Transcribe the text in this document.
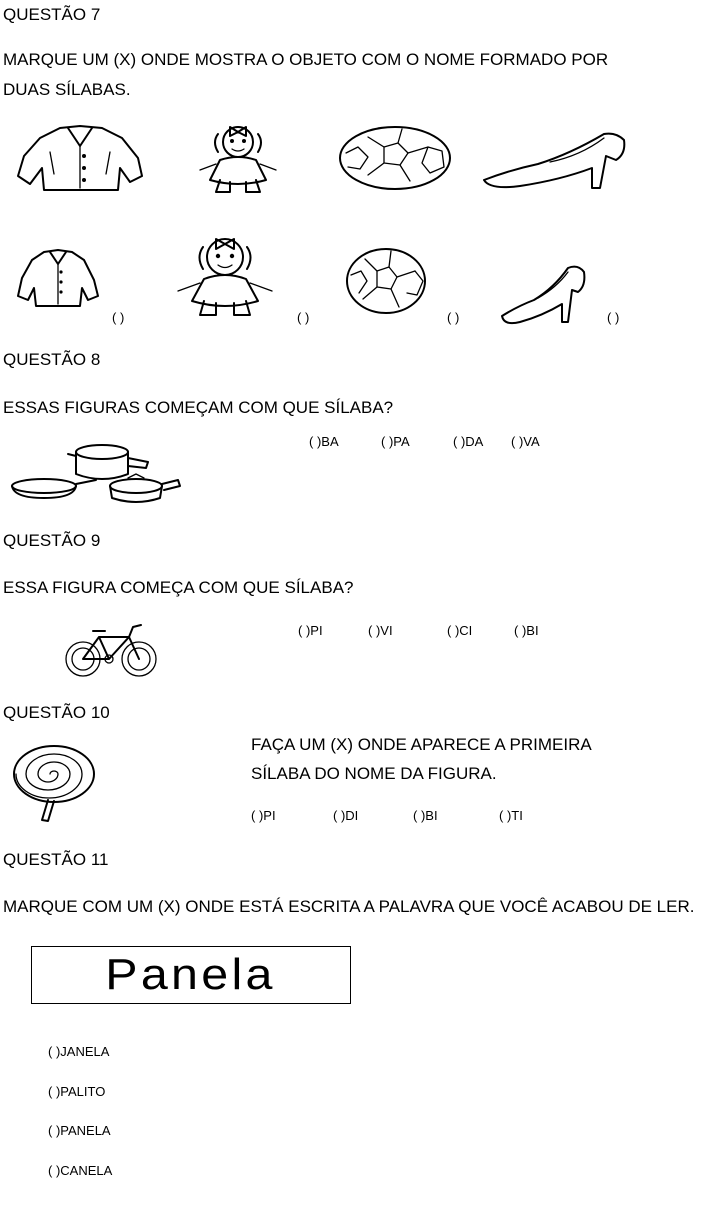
QUESTÃO 7
MARQUE UM (X) ONDE MOSTRA O OBJETO COM O NOME FORMADO POR
DUAS SÍLABAS.
( )	( )	( )	( )
QUESTÃO 8
ESSAS FIGURAS COMEÇAM COM QUE SÍLABA?
( )BA	( )PA	( )DA ( )VA
QUESTÃO 9
ESSA FIGURA COMEÇA COM QUE SÍLABA?
( )PI	( )VI	( )CI	( )BI
QUESTÃO 10
FAÇA UM (X) ONDE APARECE A PRIMEIRA
SÍLABA DO NOME DA FIGURA.
( )PI	( )DI	( )BI	( )TI
QUESTÃO 11
MARQUE COM UM (X) ONDE ESTÁ ESCRITA A PALAVRA QUE VOCÊ ACABOU DE LER.
Panela
( )JANELA
( )PALITO
( )PANELA
( )CANELA
